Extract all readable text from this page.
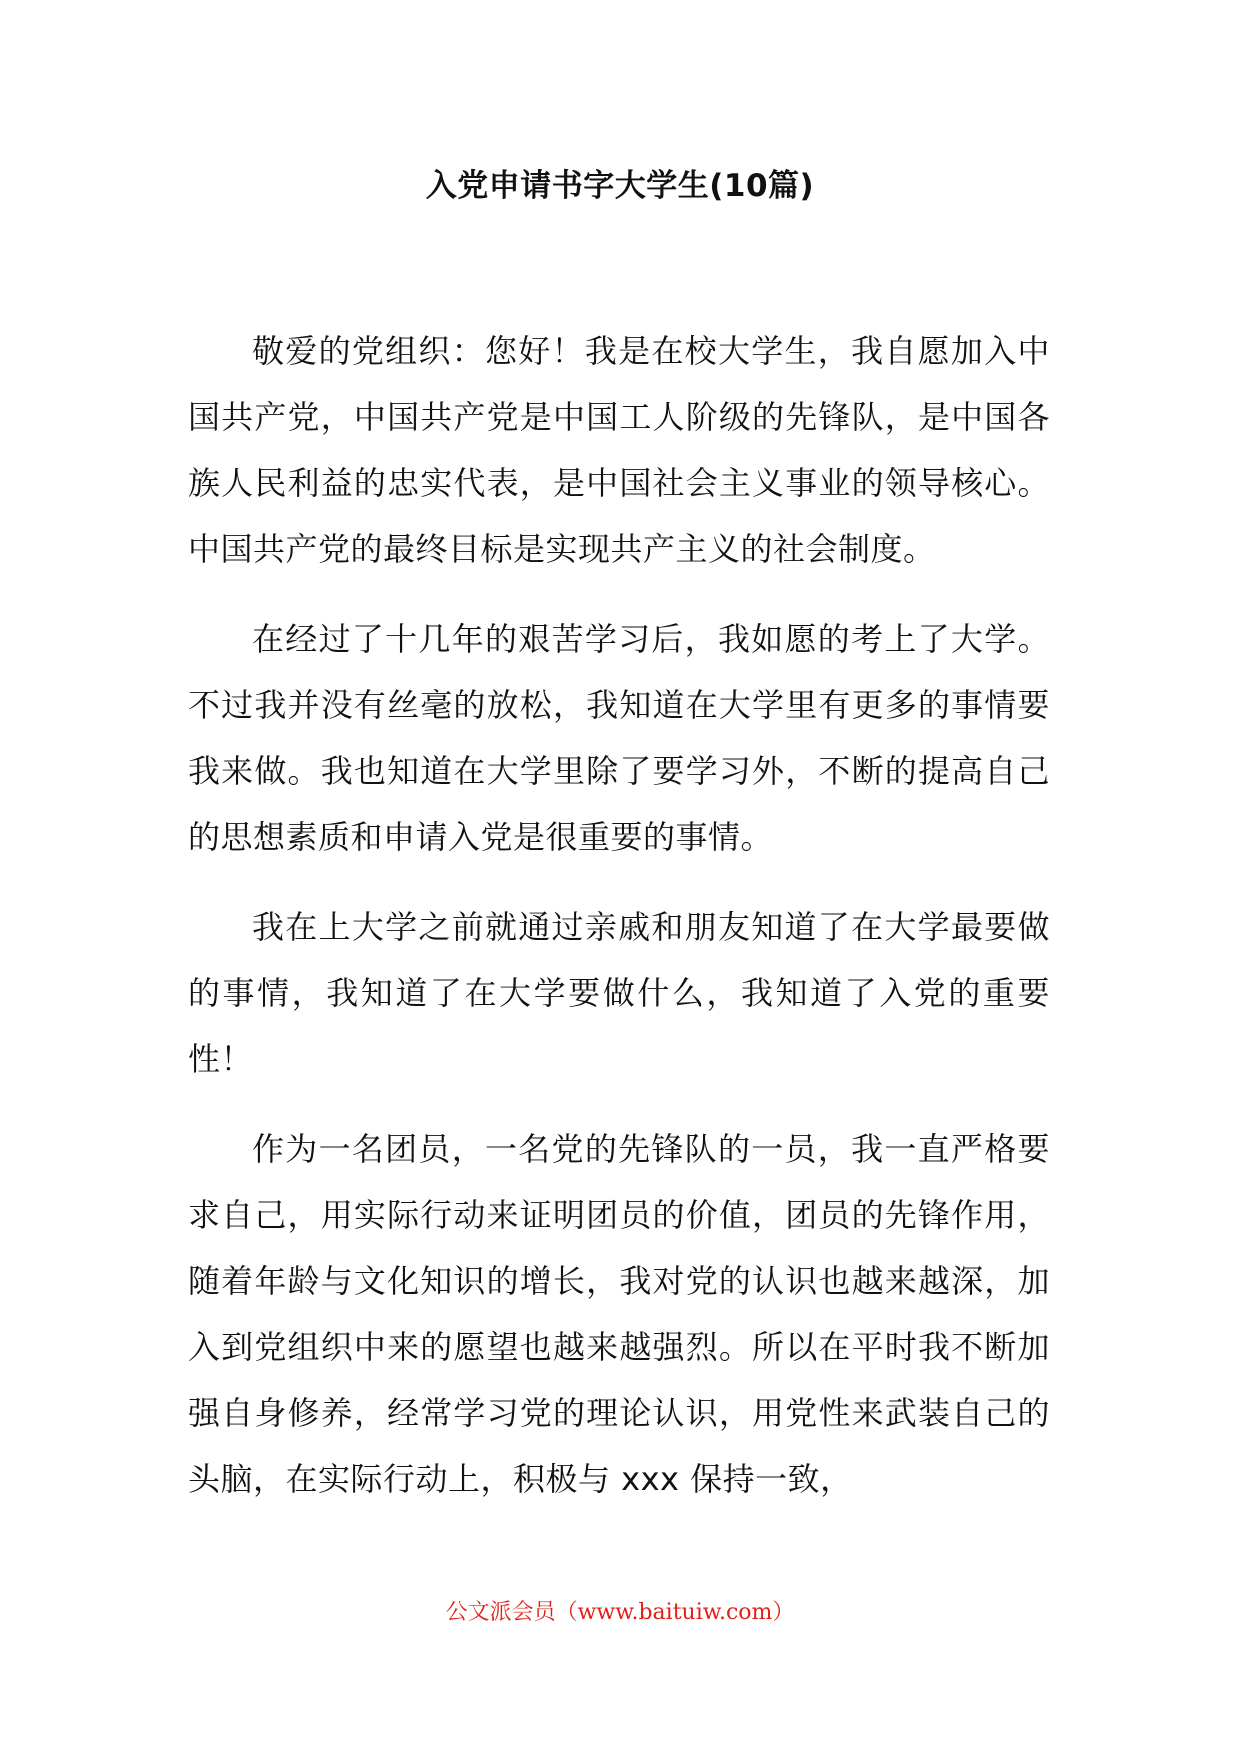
入党申请书字大学生(10篇)

敬爱的党组织：您好！我是在校大学生，我自愿加入中国共产党，中国共产党是中国工人阶级的先锋队，是中国各族人民利益的忠实代表，是中国社会主义事业的领导核心。中国共产党的最终目标是实现共产主义的社会制度。

在经过了十几年的艰苦学习后，我如愿的考上了大学。不过我并没有丝毫的放松，我知道在大学里有更多的事情要我来做。我也知道在大学里除了要学习外，不断的提高自己的思想素质和申请入党是很重要的事情。

我在上大学之前就通过亲戚和朋友知道了在大学最要做的事情，我知道了在大学要做什么，我知道了入党的重要性！

作为一名团员，一名党的先锋队的一员，我一直严格要求自己，用实际行动来证明团员的价值，团员的先锋作用，随着年龄与文化知识的增长，我对党的认识也越来越深，加入到党组织中来的愿望也越来越强烈。所以在平时我不断加强自身修养，经常学习党的理论认识，用党性来武装自己的头脑，在实际行动上，积极与 xxx 保持一致，

公文派会员（www.baituiw.com）
